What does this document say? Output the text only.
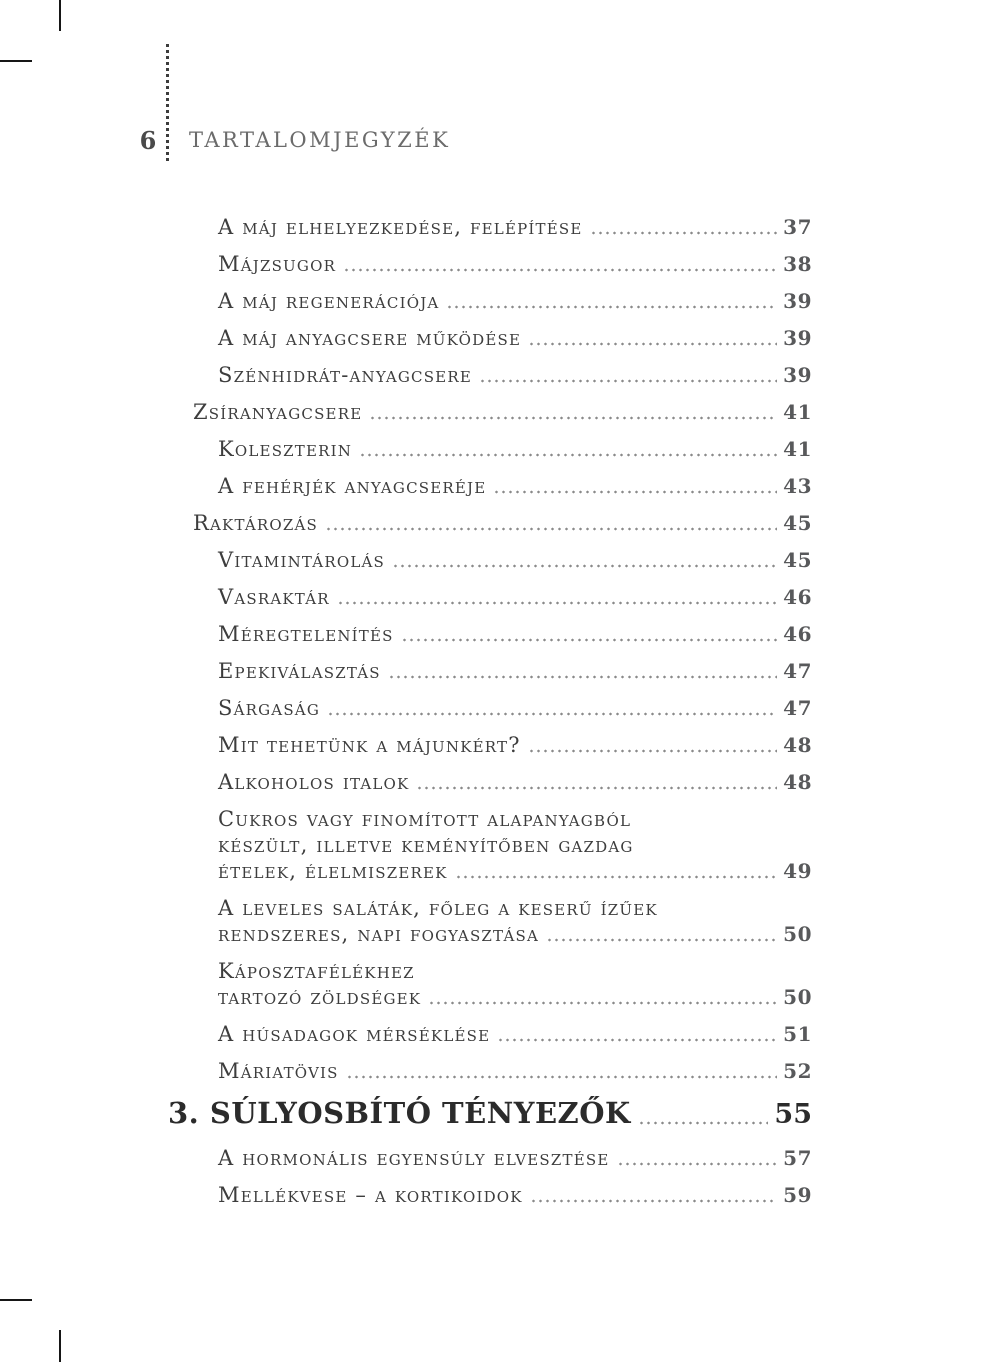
6	TARTALOMJEGYZÉK
A máj elhelyezkedése, felépítése	37
Májzsugor	38
A máj regenerációja	39
A máj anyagcsere működése	39
Szénhidrát-anyagcsere	39
Zsíranyagcsere	41
Koleszterin	41
A fehérjék anyagcseréje	43
Raktározás	45
Vitamintárolás	45
Vasraktár	46
Méregtelenítés	46
Epekiválasztás	47
Sárgaság	47
Mit tehetünk a májunkért?	48
Alkoholos italok	48
Cukros vagy finomított alapanyagból
készült, illetve keményítőben gazdag
ételek, élelmiszerek	49
A leveles saláták, főleg a keserű ízűek
rendszeres, napi fogyasztása	50
Káposztafélékhez
tartozó zöldségek	50
A húsadagok mérséklése	51
Máriatövis	52
3. SÚLYOSBÍTÓ TÉNYEZŐK	55
A hormonális egyensúly elvesztése	57
Mellékvese – a kortikoidok	59
